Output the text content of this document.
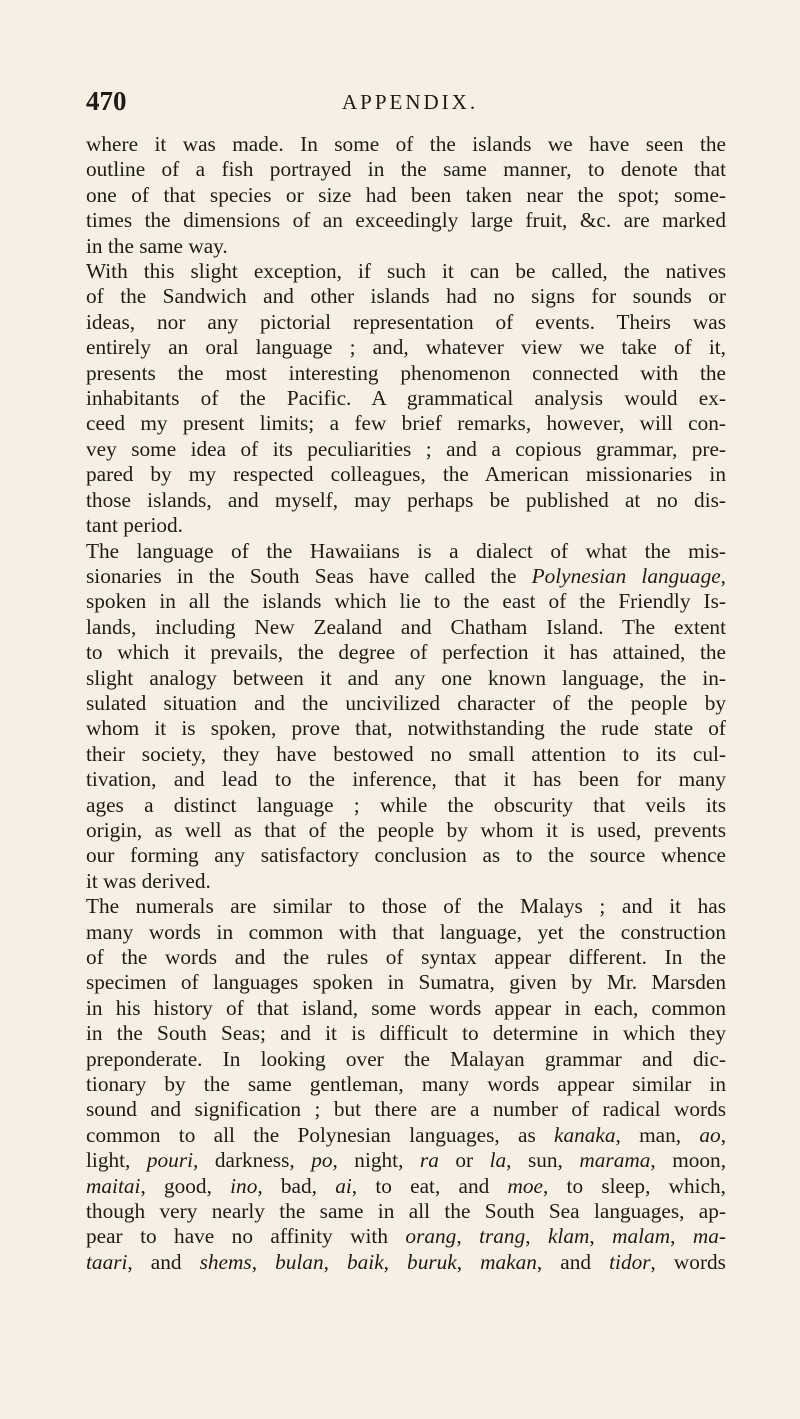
470	APPENDIX.
where it was made. In some of the islands we have seen the
outline of a fish portrayed in the same manner, to denote that
one of that species or size had been taken near the spot; some-
times the dimensions of an exceedingly large fruit, &c. are marked
in the same way.
With this slight exception, if such it can be called, the natives
of the Sandwich and other islands had no signs for sounds or
ideas, nor any pictorial representation of events. Theirs was
entirely an oral language ; and, whatever view we take of it,
presents the most interesting phenomenon connected with the
inhabitants of the Pacific. A grammatical analysis would ex-
ceed my present limits; a few brief remarks, however, will con-
vey some idea of its peculiarities ; and a copious grammar, pre-
pared by my respected colleagues, the American missionaries in
those islands, and myself, may perhaps be published at no dis-
tant period.
The language of the Hawaiians is a dialect of what the mis-
sionaries in the South Seas have called the Polynesian language,
spoken in all the islands which lie to the east of the Friendly Is-
lands, including New Zealand and Chatham Island. The extent
to which it prevails, the degree of perfection it has attained, the
slight analogy between it and any one known language, the in-
sulated situation and the uncivilized character of the people by
whom it is spoken, prove that, notwithstanding the rude state of
their society, they have bestowed no small attention to its cul-
tivation, and lead to the inference, that it has been for many
ages a distinct language ; while the obscurity that veils its
origin, as well as that of the people by whom it is used, prevents
our forming any satisfactory conclusion as to the source whence
it was derived.
The numerals are similar to those of the Malays ; and it has
many words in common with that language, yet the construction
of the words and the rules of syntax appear different. In the
specimen of languages spoken in Sumatra, given by Mr. Marsden
in his history of that island, some words appear in each, common
in the South Seas; and it is difficult to determine in which they
preponderate. In looking over the Malayan grammar and dic-
tionary by the same gentleman, many words appear similar in
sound and signification ; but there are a number of radical words
common to all the Polynesian languages, as kanaka, man, ao,
light, pouri, darkness, po, night, ra or la, sun, marama, moon,
maitai, good, ino, bad, ai, to eat, and moe, to sleep, which,
though very nearly the same in all the South Sea languages, ap-
pear to have no affinity with orang, trang, klam, malam, ma-
taari, and shems, bulan, baik, buruk, makan, and tidor, words
